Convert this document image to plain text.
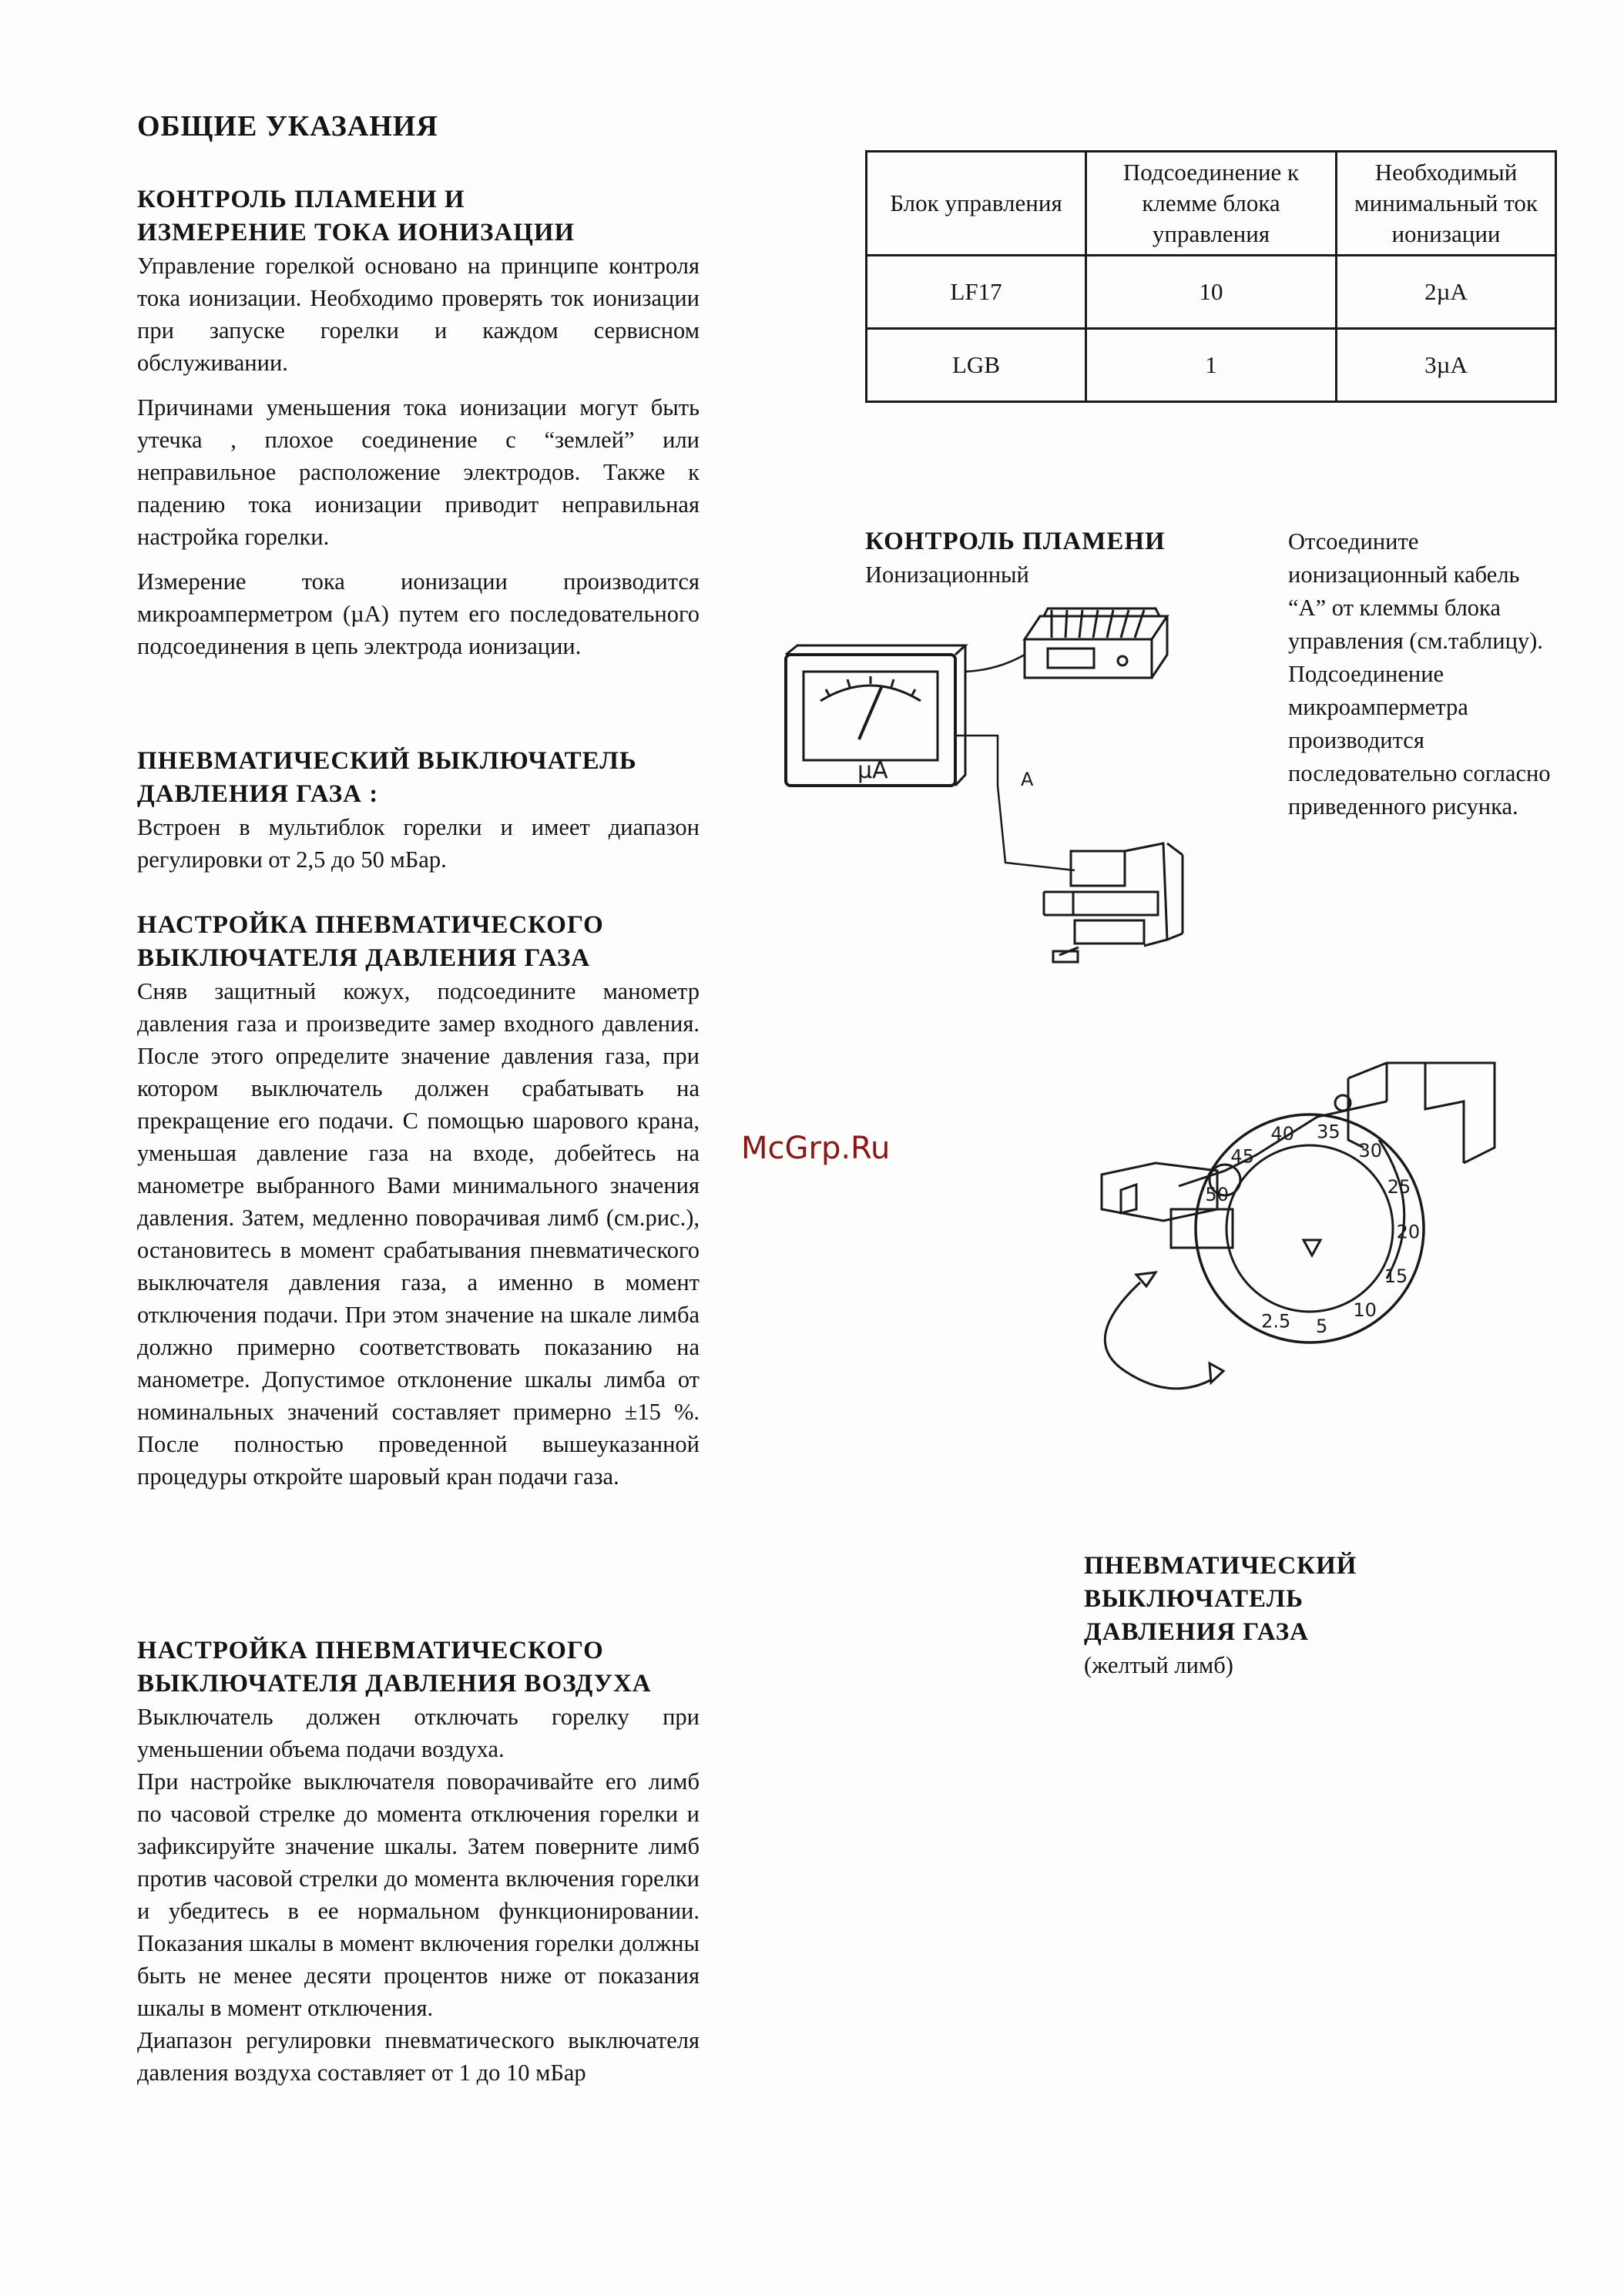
ОБЩИЕ УКАЗАНИЯ
КОНТРОЛЬ ПЛАМЕНИ И
ИЗМЕРЕНИЕ ТОКА ИОНИЗАЦИИ

Управление горелкой основано на принципе контроля тока ионизации. Необходимо проверять ток ионизации при запуске горелки и каждом сервисном обслуживании.

Причинами уменьшения тока ионизации могут быть утечка , плохое соединение с “землей” или неправильное расположение электродов. Также к падению тока ионизации приводит неправильная настройка горелки.

Измерение тока ионизации производится микроамперметром (µA) путем его последовательного подсоединения в цепь электрода ионизации.

ПНЕВМАТИЧЕСКИЙ ВЫКЛЮЧАТЕЛЬ
ДАВЛЕНИЯ ГАЗА :

Встроен в мультиблок горелки и имеет диапазон регулировки от 2,5 до 50 мБар.

НАСТРОЙКА ПНЕВМАТИЧЕСКОГО
ВЫКЛЮЧАТЕЛЯ ДАВЛЕНИЯ ГАЗА

Сняв защитный кожух, подсоедините манометр давления газа и произведите замер входного давления. После этого определите значение давления газа, при котором выключатель должен срабатывать на прекращение его подачи. С помощью шарового крана, уменьшая давление газа на входе, добейтесь на манометре выбранного Вами минимального значения давления. Затем, медленно поворачивая лимб (см.рис.), остановитесь в момент срабатывания пневматического выключателя давления газа, а именно в момент отключения подачи. При этом значение на шкале лимба должно примерно соответствовать показанию на манометре. Допустимое отклонение шкалы лимба от номинальных значений составляет примерно ±15 %. После полностью проведенной вышеуказанной процедуры откройте шаровый кран подачи газа.

НАСТРОЙКА ПНЕВМАТИЧЕСКОГО
ВЫКЛЮЧАТЕЛЯ ДАВЛЕНИЯ ВОЗДУХА

Выключатель должен отключать горелку при уменьшении объема подачи воздуха.

При настройке выключателя поворачивайте его лимб по часовой стрелке до момента отключения горелки и зафиксируйте значение шкалы. Затем поверните лимб против часовой стрелки до момента включения горелки и убедитесь в ее нормальном функционировании. Показания шкалы в момент включения горелки должны быть не менее десяти процентов ниже от показания шкалы в момент отключения.

Диапазон регулировки пневматического выключателя давления воздуха составляет от 1 до 10 мБар

Блок управления	Подсоединение к клемме блока управления	Необходимый минимальный ток ионизации
LF17	10	2µA
LGB	1	3µA
КОНТРОЛЬ ПЛАМЕНИ
Ионизационный
Отсоедините ионизационный кабель “A” от клеммы блока управления (см.таблицу). Подсоединение микроамперметра производится последовательно согласно приведенного рисунка.
µA	A
2.5 5
10
15
20
25
30
35
40
45
50
ПНЕВМАТИЧЕСКИЙ
ВЫКЛЮЧАТЕЛЬ
ДАВЛЕНИЯ ГАЗА
(желтый лимб)
McGrp.Ru
